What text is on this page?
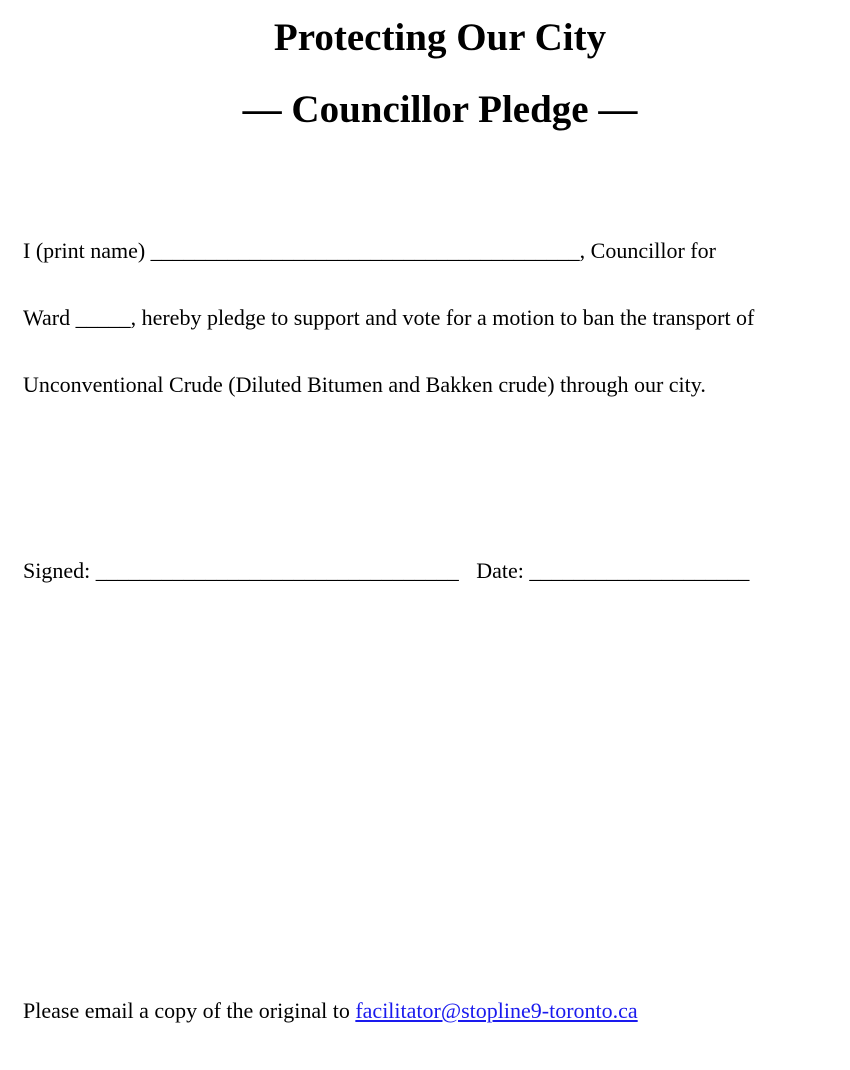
Protecting Our City
— Councillor Pledge —
I (print name) _______________________________________, Councillor for
Ward _____, hereby pledge to support and vote for a motion to ban the transport of
Unconventional Crude (Diluted Bitumen and Bakken crude) through our city.
Signed: _________________________________ Date: ____________________
Please email a copy of the original to facilitator@stopline9-toronto.ca
